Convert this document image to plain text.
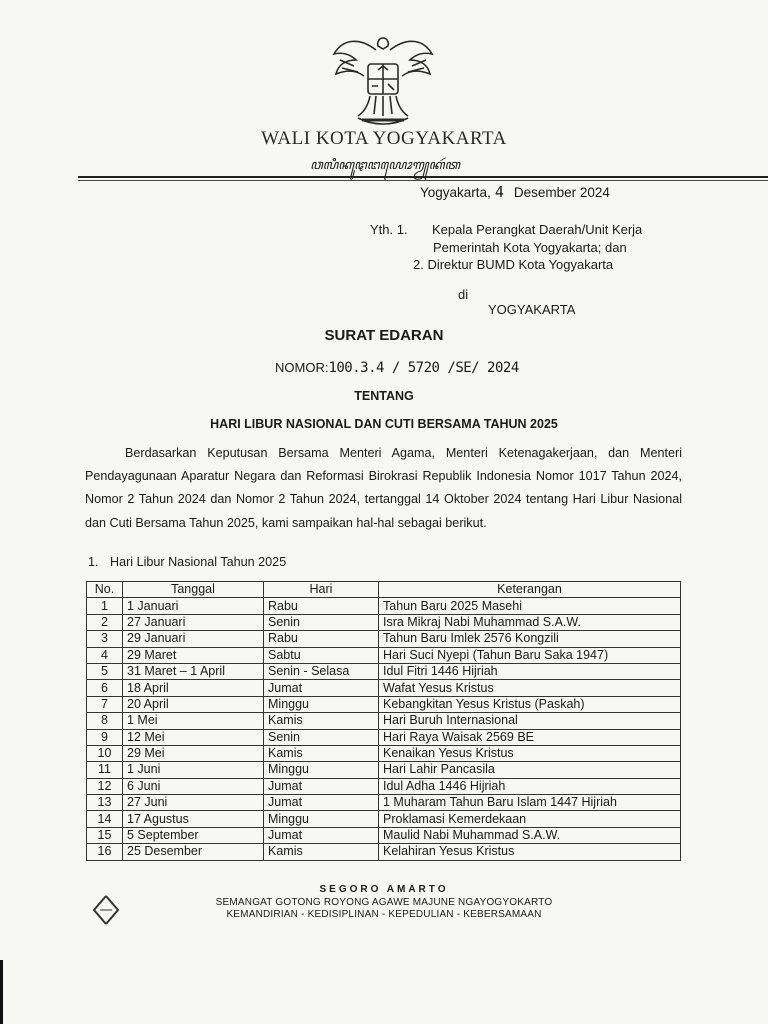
WALI KOTA YOGYAKARTA
ꦮꦭꦶꦏꦸꦛꦔꦪꦺꦴꦒꦾꦏꦂꦠ
Yogyakarta, 4 Desember 2024
Yth. 1. Kepala Perangkat Daerah/Unit Kerja
Pemerintah Kota Yogyakarta; dan
2. Direktur BUMD Kota Yogyakarta
di
YOGYAKARTA
SURAT EDARAN
NOMOR:100.3.4 / 5720 /SE/ 2024
TENTANG
HARI LIBUR NASIONAL DAN CUTI BERSAMA TAHUN 2025

Berdasarkan Keputusan Bersama Menteri Agama, Menteri Ketenagakerjaan, dan Menteri Pendayagunaan Aparatur Negara dan Reformasi Birokrasi Republik Indonesia Nomor 1017 Tahun 2024, Nomor 2 Tahun 2024 dan Nomor 2 Tahun 2024, tertanggal 14 Oktober 2024 tentang Hari Libur Nasional dan Cuti Bersama Tahun 2025, kami sampaikan hal-hal sebagai berikut.

1. Hari Libur Nasional Tahun 2025
No.	Tanggal	Hari	Keterangan
1	1 Januari	Rabu	Tahun Baru 2025 Masehi
2	27 Januari	Senin	Isra Mikraj Nabi Muhammad S.A.W.
3	29 Januari	Rabu	Tahun Baru Imlek 2576 Kongzili
4	29 Maret	Sabtu	Hari Suci Nyepi (Tahun Baru Saka 1947)
5	31 Maret – 1 April	Senin - Selasa	Idul Fitri 1446 Hijriah
6	18 April	Jumat	Wafat Yesus Kristus
7	20 April	Minggu	Kebangkitan Yesus Kristus (Paskah)
8	1 Mei	Kamis	Hari Buruh Internasional
9	12 Mei	Senin	Hari Raya Waisak 2569 BE
10	29 Mei	Kamis	Kenaikan Yesus Kristus
11	1 Juni	Minggu	Hari Lahir Pancasila
12	6 Juni	Jumat	Idul Adha 1446 Hijriah
13	27 Juni	Jumat	1 Muharam Tahun Baru Islam 1447 Hijriah
14	17 Agustus	Minggu	Proklamasi Kemerdekaan
15	5 September	Jumat	Maulid Nabi Muhammad S.A.W.
16	25 Desember	Kamis	Kelahiran Yesus Kristus
SEGORO AMARTO
SEMANGAT GOTONG ROYONG AGAWE MAJUNE NGAYOGYOKARTO
KEMANDIRIAN - KEDISIPLINAN - KEPEDULIAN - KEBERSAMAAN
